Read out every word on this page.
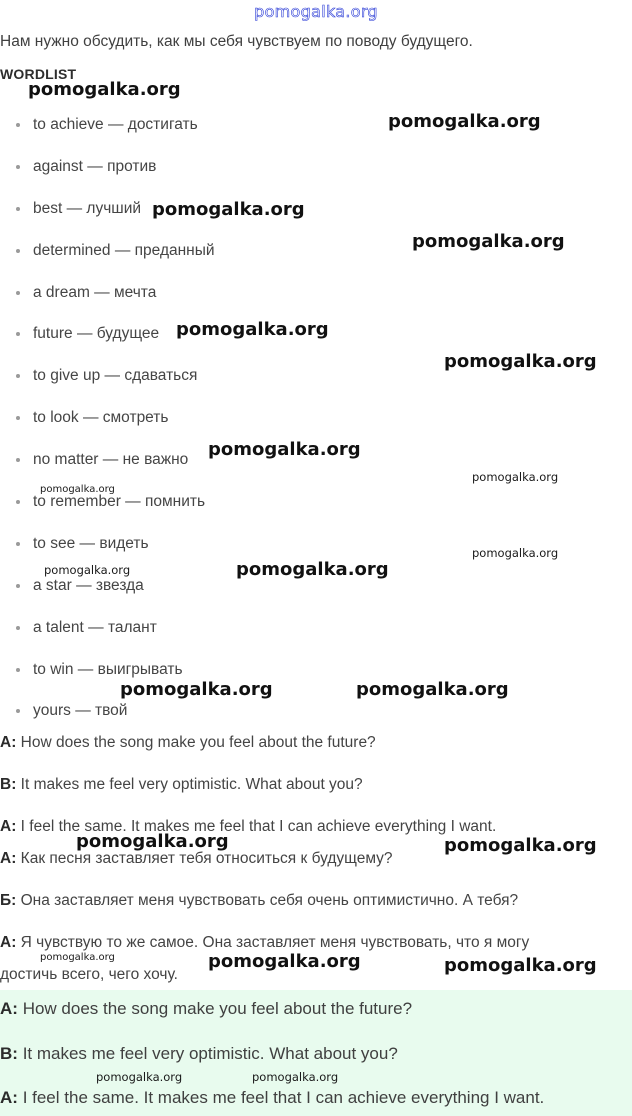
pomogalka.org
Нам нужно обсудить, как мы себя чувствуем по поводу будущего.
WORDLIST
to achieve — достигать
against — против
best — лучший
determined — преданный
a dream — мечта
future — будущее
to give up — сдаваться
to look — смотреть
no matter — не важно
to remember — помнить
to see — видеть
a star — звезда
a talent — талант
to win — выигрывать
yours — твой
A: How does the song make you feel about the future?
B: It makes me feel very optimistic. What about you?
A: I feel the same. It makes me feel that I can achieve everything I want.
А: Как песня заставляет тебя относиться к будущему?
Б: Она заставляет меня чувствовать себя очень оптимистично. А тебя?
А: Я чувствую то же самое. Она заставляет меня чувствовать, что я могу
достичь всего, чего хочу.
A: How does the song make you feel about the future?
B: It makes me feel very optimistic. What about you?
A: I feel the same. It makes me feel that I can achieve everything I want.
pomogalka.org
pomogalka.org
pomogalka.org
pomogalka.org
pomogalka.org
pomogalka.org
pomogalka.org
pomogalka.org
pomogalka.org
pomogalka.org
pomogalka.org	pomogalka.org
pomogalka.org	pomogalka.org
pomogalka.org	pomogalka.org
pomogalka.org	pomogalka.org	pomogalka.org
pomogalka.org	pomogalka.org
